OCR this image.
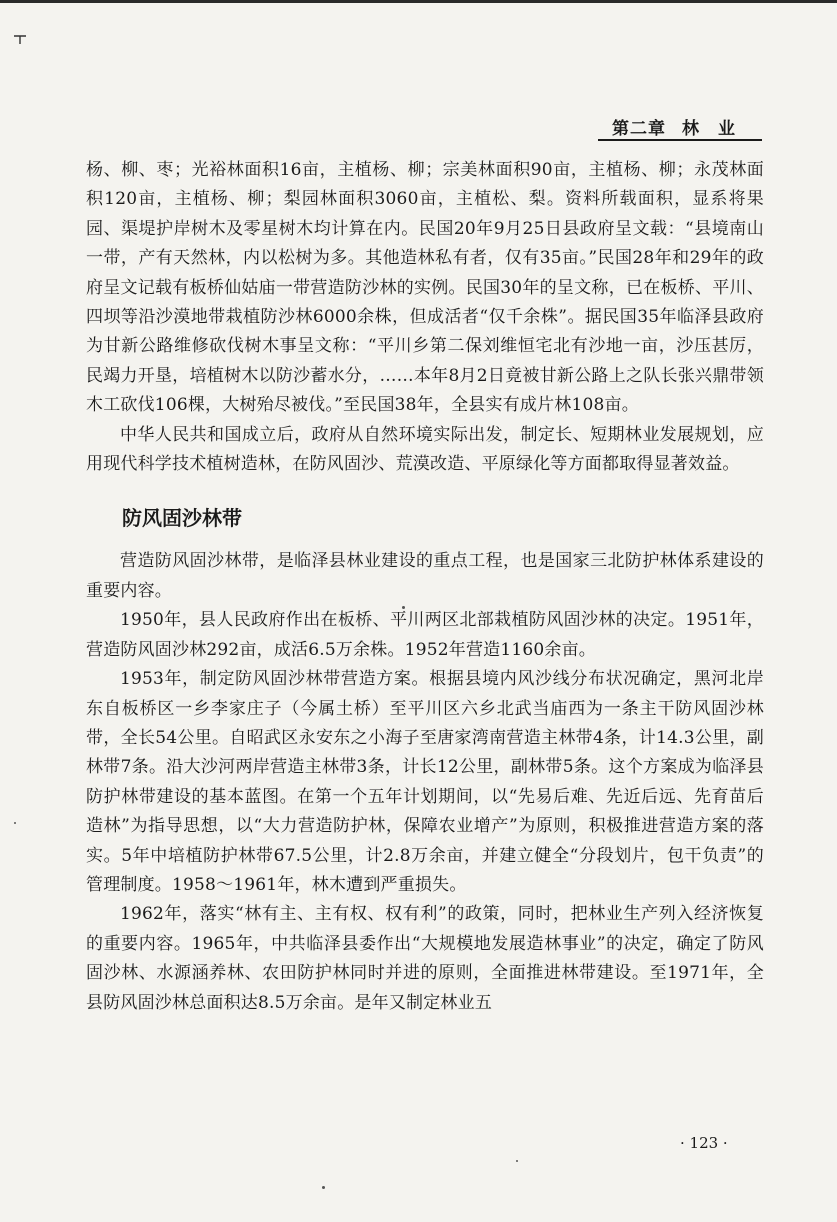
第二章 林　业

杨、柳、枣；光裕林面积16亩，主植杨、柳；宗美林面积90亩，主植杨、柳；永茂林面积120亩，主植杨、柳；梨园林面积3060亩，主植松、梨。资料所载面积，显系将果园、渠堤护岸树木及零星树木均计算在内。民国20年9月25日县政府呈文载：“县境南山一带，产有天然林，内以松树为多。其他造林私有者，仅有35亩。”民国28年和29年的政府呈文记载有板桥仙姑庙一带营造防沙林的实例。民国30年的呈文称，已在板桥、平川、四坝等沿沙漠地带栽植防沙林6000余株，但成活者“仅千余株”。据民国35年临泽县政府为甘新公路维修砍伐树木事呈文称：“平川乡第二保刘维恒宅北有沙地一亩，沙压甚厉，民竭力开垦，培植树木以防沙蓄水分，……本年8月2日竟被甘新公路上之队长张兴鼎带领木工砍伐106棵，大树殆尽被伐。”至民国38年，全县实有成片林108亩。

中华人民共和国成立后，政府从自然环境实际出发，制定长、短期林业发展规划，应用现代科学技术植树造林，在防风固沙、荒漠改造、平原绿化等方面都取得显著效益。

防风固沙林带

营造防风固沙林带，是临泽县林业建设的重点工程，也是国家三北防护林体系建设的重要内容。

1950年，县人民政府作出在板桥、平川两区北部栽植防风固沙林的决定。1951年，营造防风固沙林292亩，成活6.5万余株。1952年营造1160余亩。

1953年，制定防风固沙林带营造方案。根据县境内风沙线分布状况确定，黑河北岸东自板桥区一乡李家庄子（今属土桥）至平川区六乡北武当庙西为一条主干防风固沙林带，全长54公里。自昭武区永安东之小海子至唐家湾南营造主林带4条，计14.3公里，副林带7条。沿大沙河两岸营造主林带3条，计长12公里，副林带5条。这个方案成为临泽县防护林带建设的基本蓝图。在第一个五年计划期间，以“先易后难、先近后远、先育苗后造林”为指导思想，以“大力营造防护林，保障农业增产”为原则，积极推进营造方案的落实。5年中培植防护林带67.5公里，计2.8万余亩，并建立健全“分段划片，包干负责”的管理制度。1958～1961年，林木遭到严重损失。

1962年，落实“林有主、主有权、权有利”的政策，同时，把林业生产列入经济恢复的重要内容。1965年，中共临泽县委作出“大规模地发展造林事业”的决定，确定了防风固沙林、水源涵养林、农田防护林同时并进的原则，全面推进林带建设。至1971年，全县防风固沙林总面积达8.5万余亩。是年又制定林业五

· 123 ·
